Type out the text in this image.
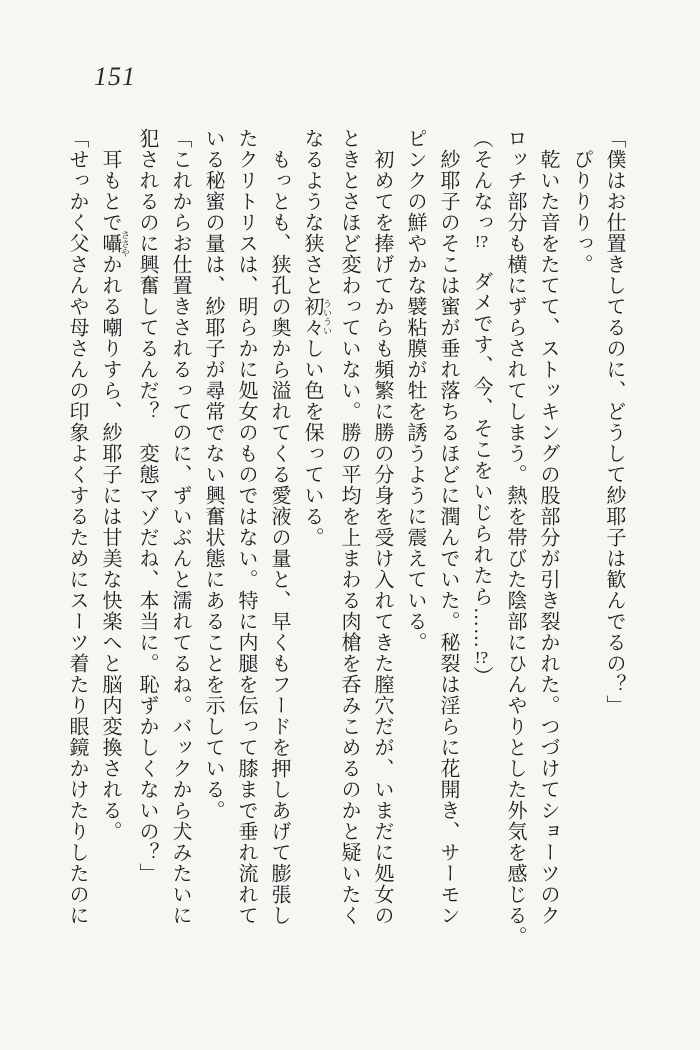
151
「僕はお仕置きしてるのに、どうして紗耶子は歓んでるの？」
　ぴりりりっ。
　乾いた音をたてて、ストッキングの股部分が引き裂かれた。つづけてショーツのク
ロッチ部分も横にずらされてしまう。熱を帯びた陰部にひんやりとした外気を感じる。
（そんなっ!?　ダメです、今、そこをいじられたら……!?）
　紗耶子のそこは蜜が垂れ落ちるほどに潤んでいた。秘裂は淫らに花開き、サーモン
ピンクの鮮やかな襞粘膜が牡を誘うように震えている。
　初めてを捧げてからも頻繁に勝の分身を受け入れてきた膣穴だが、いまだに処女の
ときとさほど変わっていない。勝の平均を上まわる肉槍を呑みこめるのかと疑いたく
なるような狭さと初々 ういういしい色を保っている。
　もっとも、狭孔の奥から溢れてくる愛液の量と、早くもフードを押しあげて膨張し
たクリトリスは、明らかに処女のものではない。特に内腿を伝って膝まで垂れ流れて
いる秘蜜の量は、紗耶子が尋常でない興奮状態にあることを示している。
「これからお仕置きされるってのに、ずいぶんと濡れてるね。バックから犬みたいに
犯されるのに興奮してるんだ？　変態マゾだね、本当に。恥ずかしくないの？」
　耳もとで囁 ささやかれる嘲りすら、紗耶子には甘美な快楽へと脳内変換される。
「せっかく父さんや母さんの印象よくするためにスーツ着たり眼鏡かけたりしたのに
